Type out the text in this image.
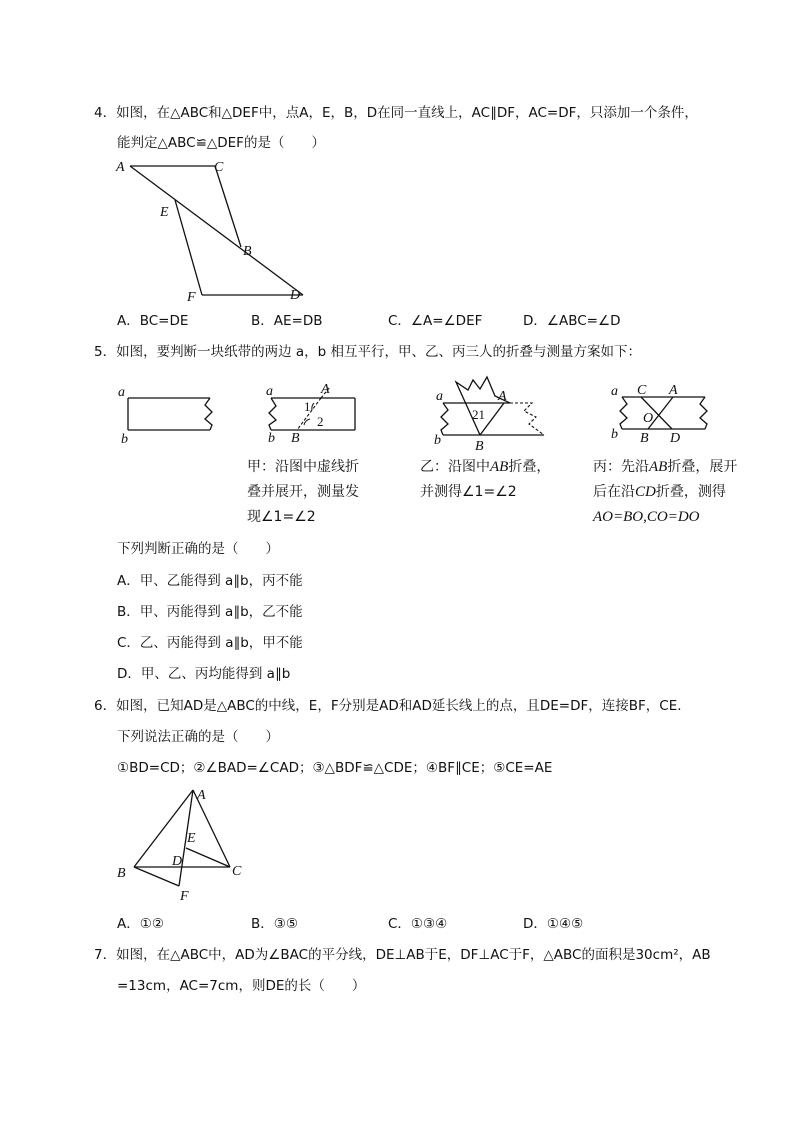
4．如图，在△ABC和△DEF中，点A，E，B，D在同一直线上，AC∥DF，AC=DF，只添加一个条件，
能判定△ABC≌△DEF的是（　　）
A	C
E
B
F	D
A．BC=DE	B．AE=DB	C．∠A=∠DEF	D．∠ABC=∠D
5．如图，要判断一块纸带的两边 a，b 相互平行，甲、乙、丙三人的折叠与测量方案如下：
a
b
a
b
A
B
1
2
a
b
A
B
21
a
b
C A
O
B D
甲：沿图中虚线折
叠并展开，测量发
现∠1=∠2
乙：沿图中AB折叠，
并测得∠1=∠2
丙：先沿AB折叠，展开
后在沿CD折叠，测得
AO=BO,CO=DO
下列判断正确的是（　　）
A．甲、乙能得到 a∥b，丙不能
B．甲、丙能得到 a∥b，乙不能
C．乙、丙能得到 a∥b，甲不能
D．甲、乙、丙均能得到 a∥b
6．如图，已知AD是△ABC的中线，E，F分别是AD和AD延长线上的点，且DE=DF，连接BF，CE．
下列说法正确的是（　　）
①BD=CD；②∠BAD=∠CAD；③△BDF≌△CDE；④BF∥CE；⑤CE=AE
A
E
D
B	C
F
A．①②	B．③⑤	C．①③④	D．①④⑤
7．如图，在△ABC中，AD为∠BAC的平分线，DE⊥AB于E，DF⊥AC于F，△ABC的面积是30cm²，AB
=13cm，AC=7cm，则DE的长（　　）
